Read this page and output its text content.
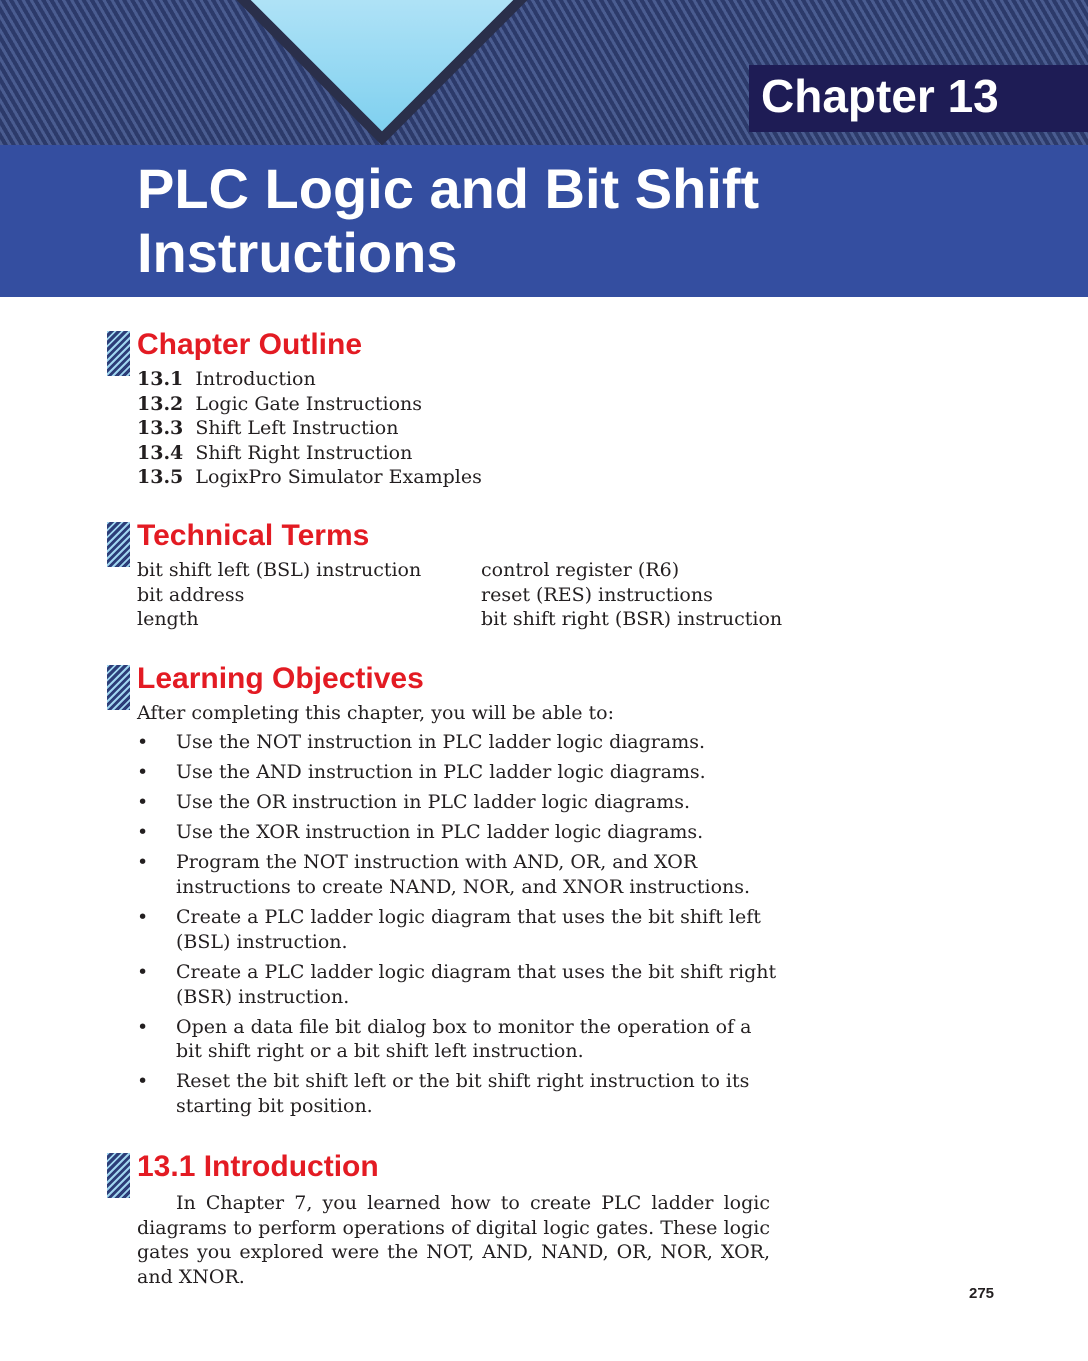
Chapter 13
PLC Logic and Bit Shift
Instructions
Chapter Outline
13.1 Introduction
13.2 Logic Gate Instructions
13.3 Shift Left Instruction
13.4 Shift Right Instruction
13.5 LogixPro Simulator Examples
Technical Terms
bit shift left (BSL) instruction
bit address
length
control register (R6)
reset (RES) instructions
bit shift right (BSR) instruction
Learning Objectives
After completing this chapter, you will be able to:
• Use the NOT instruction in PLC ladder logic diagrams.
• Use the AND instruction in PLC ladder logic diagrams.
• Use the OR instruction in PLC ladder logic diagrams.
• Use the XOR instruction in PLC ladder logic diagrams.
• Program the NOT instruction with AND, OR, and XOR instructions to create NAND, NOR, and XNOR instructions.
• Create a PLC ladder logic diagram that uses the bit shift left (BSL) instruction.
• Create a PLC ladder logic diagram that uses the bit shift right (BSR) instruction.
• Open a data file bit dialog box to monitor the operation of a bit shift right or a bit shift left instruction.
• Reset the bit shift left or the bit shift right instruction to its starting bit position.
13.1 Introduction

In Chapter 7, you learned how to create PLC ladder logic diagrams to perform operations of digital logic gates. These logic gates you explored were the NOT, AND, NAND, OR, NOR, XOR, and XNOR.

275
